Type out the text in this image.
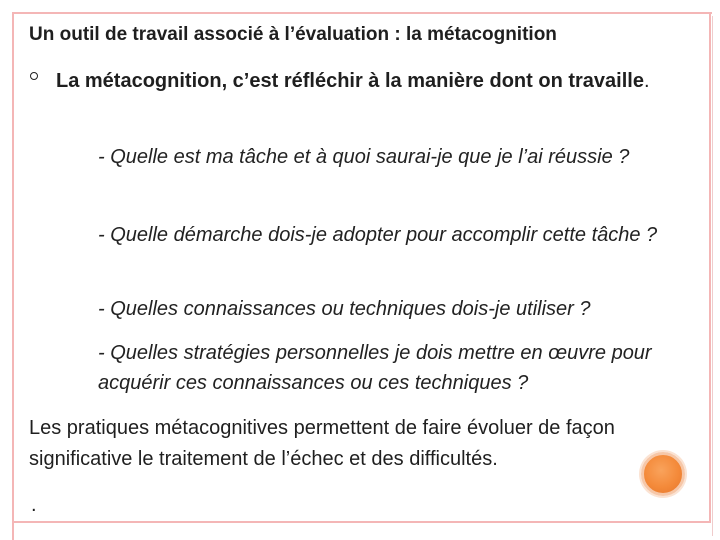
Un outil de travail associé à l’évaluation : la métacognition
La métacognition, c’est réfléchir à la manière dont on travaille.
- Quelle est ma tâche et à quoi saurai-je que je l’ai réussie ?
- Quelle démarche dois-je adopter pour accomplir cette tâche ?
- Quelles connaissances ou techniques dois-je utiliser ?
- Quelles stratégies personnelles je dois mettre en œuvre pour acquérir ces connaissances ou ces techniques ?
Les pratiques métacognitives permettent de faire évoluer de façon significative le traitement de l’échec et des difficultés.
.
